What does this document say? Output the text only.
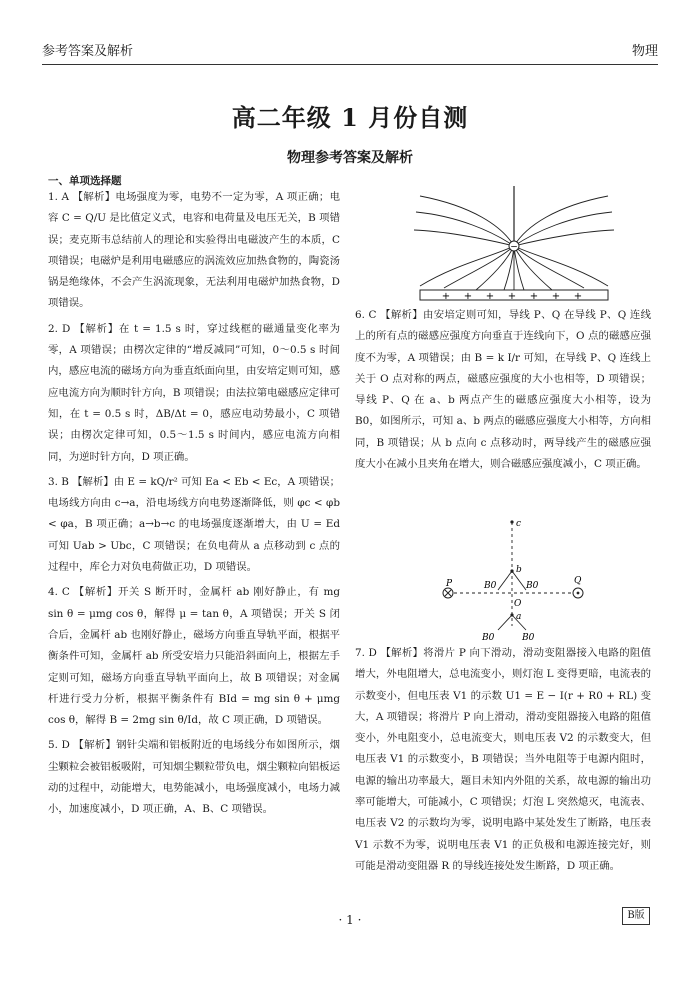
参考答案及解析	物理
高二年级 1 月份自测
物理参考答案及解析
一、单项选择题

1. A 【解析】电场强度为零，电势不一定为零，A 项正确；电容 C = Q/U 是比值定义式，电容和电荷量及电压无关，B 项错误；麦克斯韦总结前人的理论和实验得出电磁波产生的本质，C 项错误；电磁炉是利用电磁感应的涡流效应加热食物的，陶瓷汤锅是绝缘体，不会产生涡流现象，无法利用电磁炉加热食物，D 项错误。

2. D 【解析】在 t = 1.5 s 时，穿过线框的磁通量变化率为零，A 项错误；由楞次定律的“增反减同”可知，0～0.5 s 时间内，感应电流的磁场方向为垂直纸面向里，由安培定则可知，感应电流方向为顺时针方向，B 项错误；由法拉第电磁感应定律可知，在 t = 0.5 s 时，ΔB/Δt = 0，感应电动势最小，C 项错误；由楞次定律可知，0.5～1.5 s 时间内，感应电流方向相同，为逆时针方向，D 项正确。

3. B 【解析】由 E = kQ/r² 可知 Ea < Eb < Ec，A 项错误；电场线方向由 c→a，沿电场线方向电势逐渐降低，则 φc < φb < φa，B 项正确；a→b→c 的电场强度逐渐增大，由 U = Ed 可知 Uab > Ubc，C 项错误；在负电荷从 a 点移动到 c 点的过程中，库仑力对负电荷做正功，D 项错误。

4. C 【解析】开关 S 断开时，金属杆 ab 刚好静止，有 mg sin θ = μmg cos θ，解得 μ = tan θ，A 项错误；开关 S 闭合后，金属杆 ab 也刚好静止，磁场方向垂直导轨平面，根据平衡条件可知，金属杆 ab 所受安培力只能沿斜面向上，根据左手定则可知，磁场方向垂直导轨平面向上，故 B 项错误；对金属杆进行受力分析，根据平衡条件有 BId = mg sin θ + μmg cos θ，解得 B = 2mg sin θ/Id，故 C 项正确，D 项错误。

5. D 【解析】钢针尖端和铝板附近的电场线分布如图所示，烟尘颗粒会被铝板吸附，可知烟尘颗粒带负电，烟尘颗粒向铝板运动的过程中，动能增大，电势能减小，电场强度减小，电场力减小，加速度减小，D 项正确，A、B、C 项错误。

−
+ + + + + + +

6. C 【解析】由安培定则可知，导线 P、Q 在导线 P、Q 连线上的所有点的磁感应强度方向垂直于连线向下，O 点的磁感应强度不为零，A 项错误；由 B = k I/r 可知，在导线 P、Q 连线上关于 O 点对称的两点，磁感应强度的大小也相等，D 项错误；导线 P、Q 在 a、b 两点产生的磁感应强度大小相等，设为 B0，如图所示，可知 a、b 两点的磁感应强度大小相等，方向相同，B 项错误；从 b 点向 c 点移动时，两导线产生的磁感应强度大小在减小且夹角在增大，则合磁感应强度减小，C 项正确。

c
b
P	Q
O
a
B0	B0
B0	B0

7. D 【解析】将滑片 P 向下滑动，滑动变阻器接入电路的阻值增大，外电阻增大，总电流变小，则灯泡 L 变得更暗，电流表的示数变小，但电压表 V1 的示数 U1 = E − I(r + R0 + RL) 变大，A 项错误；将滑片 P 向上滑动，滑动变阻器接入电路的阻值变小，外电阻变小，总电流变大，则电压表 V2 的示数变大，但电压表 V1 的示数变小，B 项错误；当外电阻等于电源内阻时，电源的输出功率最大，题目未知内外阻的关系，故电源的输出功率可能增大，可能减小，C 项错误；灯泡 L 突然熄灭，电流表、电压表 V2 的示数均为零，说明电路中某处发生了断路，电压表 V1 示数不为零，说明电压表 V1 的正负极和电源连接完好，则可能是滑动变阻器 R 的导线连接处发生断路，D 项正确。

· 1 ·	B版
